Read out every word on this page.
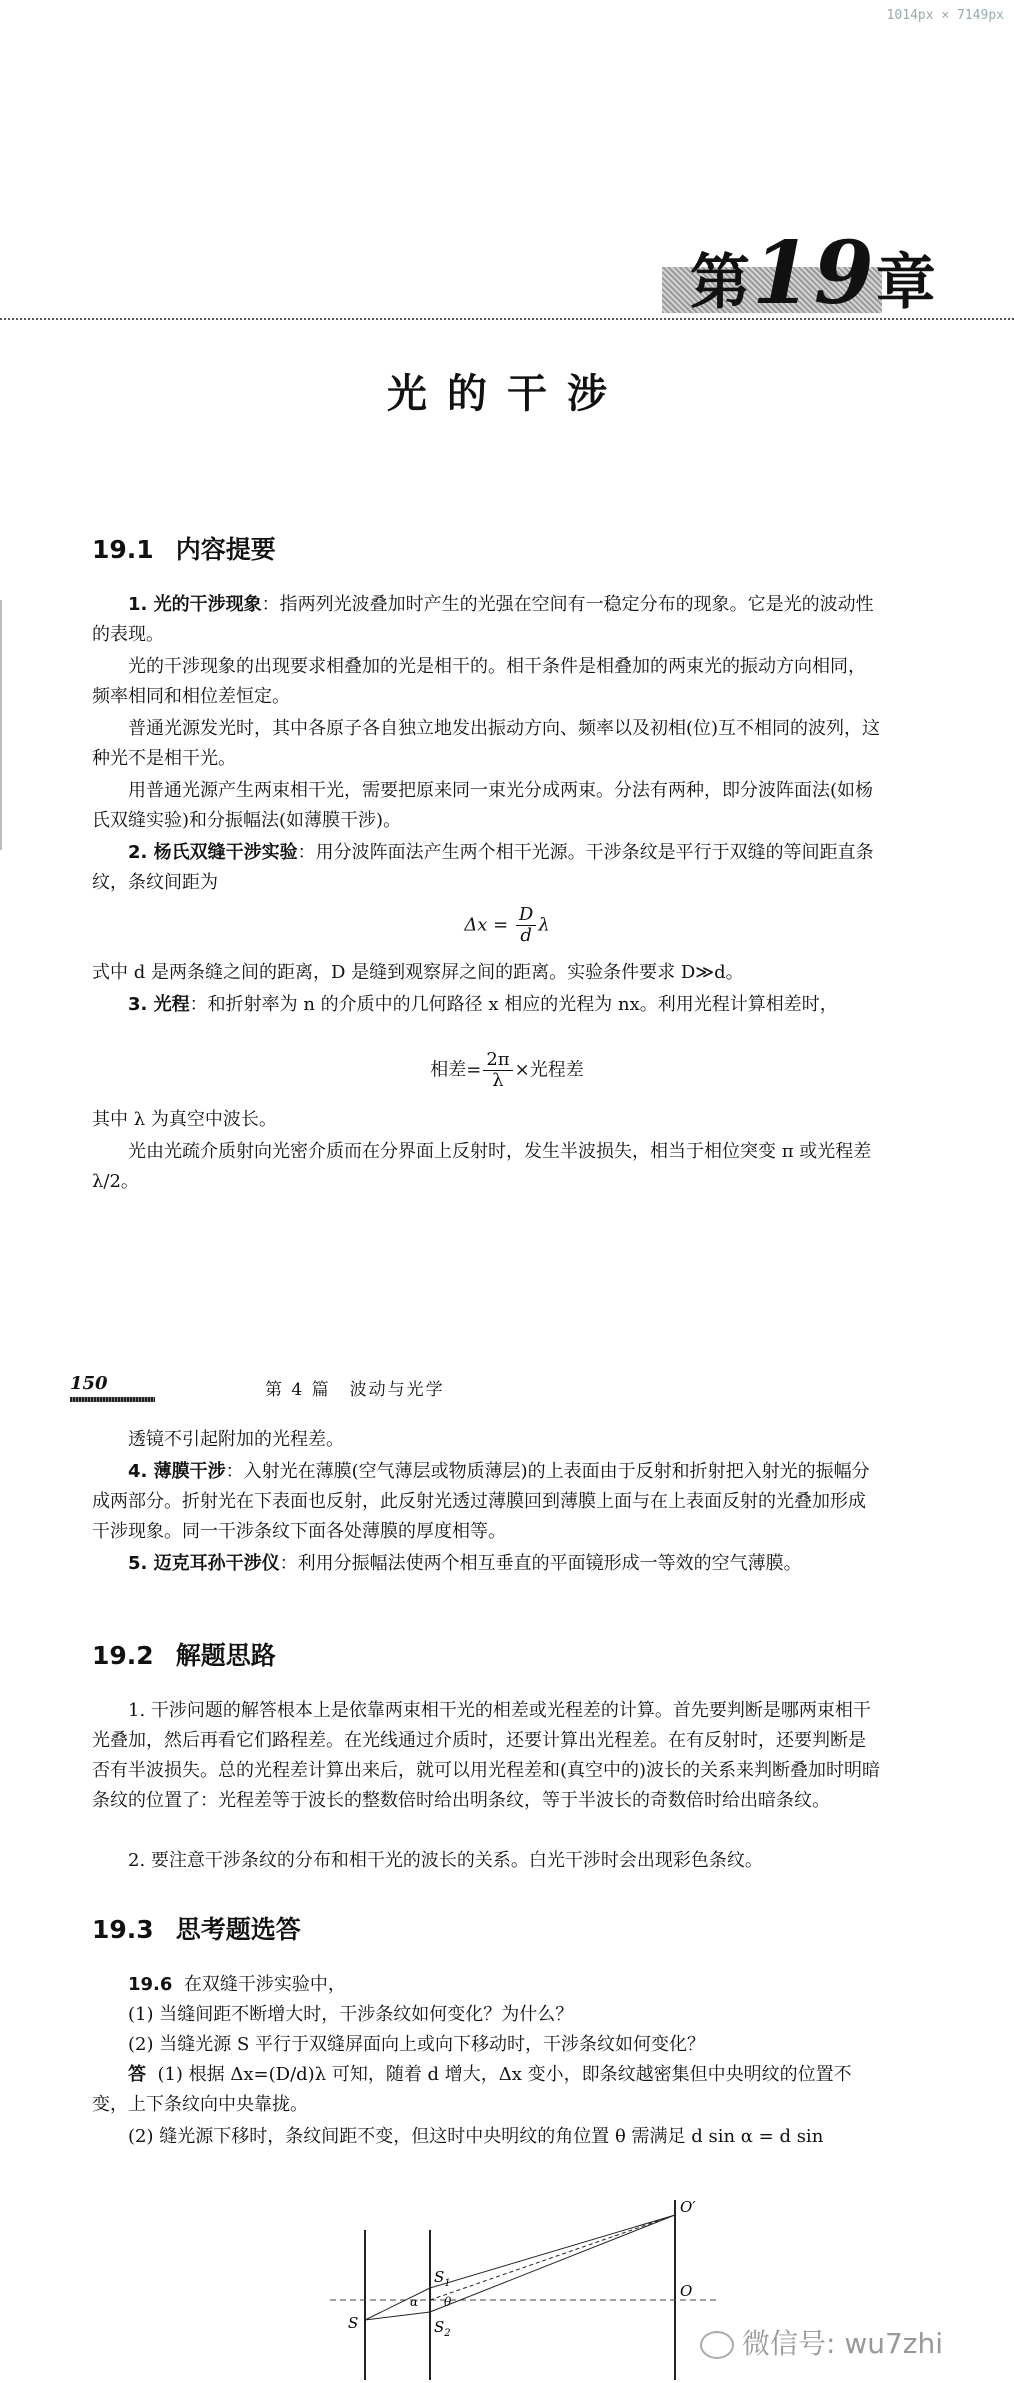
1014px × 7149px
第19章
光的干涉
19.1 内容提要

1. 光的干涉现象：指两列光波叠加时产生的光强在空间有一稳定分布的现象。它是光的波动性的表现。

光的干涉现象的出现要求相叠加的光是相干的。相干条件是相叠加的两束光的振动方向相同，频率相同和相位差恒定。

普通光源发光时，其中各原子各自独立地发出振动方向、频率以及初相(位)互不相同的波列，这种光不是相干光。

用普通光源产生两束相干光，需要把原来同一束光分成两束。分法有两种，即分波阵面法(如杨氏双缝实验)和分振幅法(如薄膜干涉)。

2. 杨氏双缝干涉实验：用分波阵面法产生两个相干光源。干涉条纹是平行于双缝的等间距直条纹，条纹间距为

$\Delta x = \frac{D}{d}$ λ

式中 d 是两条缝之间的距离，D 是缝到观察屏之间的距离。实验条件要求 D≫d。

3. 光程：和折射率为 n 的介质中的几何路径 x 相应的光程为 nx。利用光程计算相差时，

相差= $\frac{2\pi}{\lambda}$ ×光程差

其中 λ 为真空中波长。

光由光疏介质射向光密介质而在分界面上反射时，发生半波损失，相当于相位突变 π 或光程差 λ/2。

150	第 4 篇　波动与光学

透镜不引起附加的光程差。

4. 薄膜干涉：入射光在薄膜(空气薄层或物质薄层)的上表面由于反射和折射把入射光的振幅分成两部分。折射光在下表面也反射，此反射光透过薄膜回到薄膜上面与在上表面反射的光叠加形成干涉现象。同一干涉条纹下面各处薄膜的厚度相等。

5. 迈克耳孙干涉仪：利用分振幅法使两个相互垂直的平面镜形成一等效的空气薄膜。

19.2 解题思路

1. 干涉问题的解答根本上是依靠两束相干光的相差或光程差的计算。首先要判断是哪两束相干光叠加，然后再看它们路程差。在光线通过介质时，还要计算出光程差。在有反射时，还要判断是否有半波损失。总的光程差计算出来后，就可以用光程差和(真空中的)波长的关系来判断叠加时明暗条纹的位置了：光程差等于波长的整数倍时给出明条纹，等于半波长的奇数倍时给出暗条纹。

2. 要注意干涉条纹的分布和相干光的波长的关系。白光干涉时会出现彩色条纹。

19.3 思考题选答

19.6 在双缝干涉实验中，

(1) 当缝间距不断增大时，干涉条纹如何变化？为什么？

(2) 当缝光源 S 平行于双缝屏面向上或向下移动时，干涉条纹如何变化？

答 (1) 根据 Δx=(D/d)λ 可知，随着 d 增大，Δx 变小，即条纹越密集但中央明纹的位置不变，上下条纹向中央靠拢。

(2) 缝光源下移时，条纹间距不变，但这时中央明纹的角位置 θ 需满足 d sin α = d sin

S
$S_1$
$S_2$
O′
O
α θ
微信号: wu7zhi
